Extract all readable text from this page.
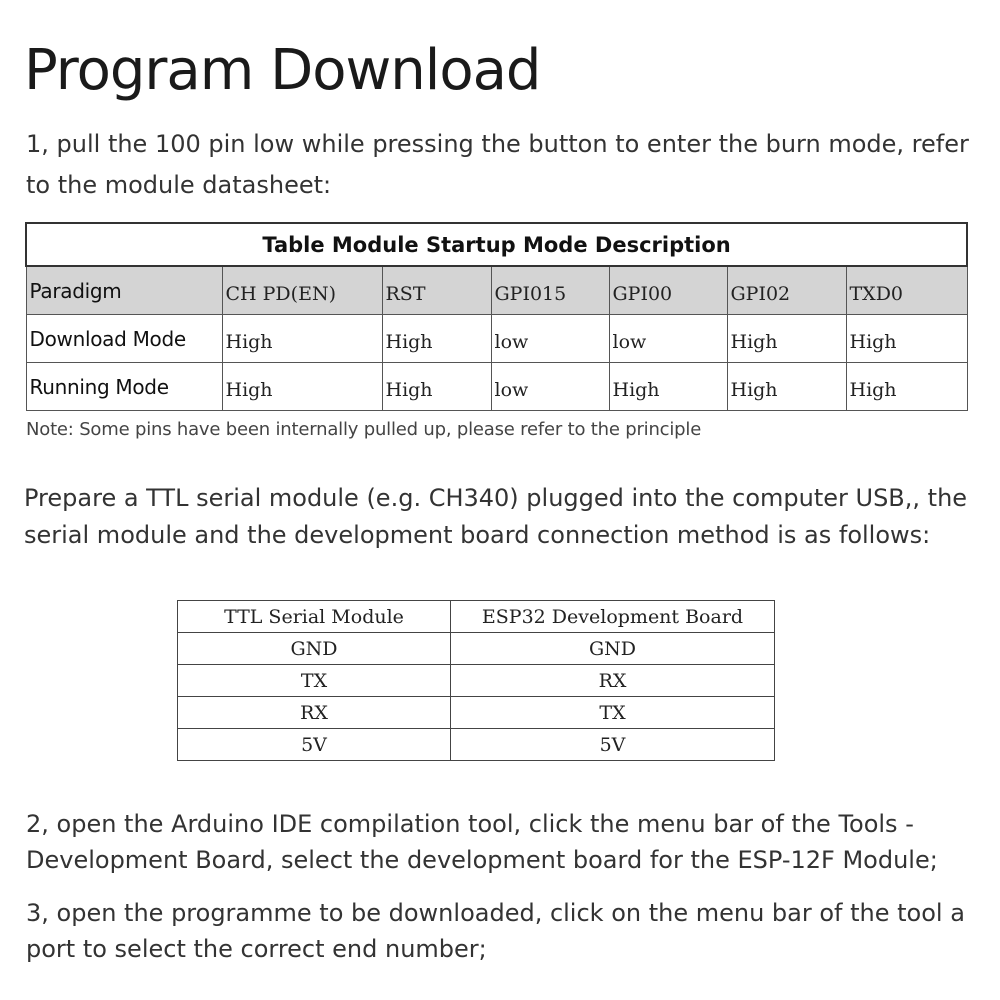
Program Download

1, pull the 100 pin low while pressing the button to enter the burn mode, refer to the module datasheet:

Table Module Startup Mode Description						
Paradigm	CH PD(EN)	RST	GPI015	GPI00	GPI02	TXD0
Download Mode	High	High	low	low	High	High
Running Mode	High	High	low	High	High	High

Note: Some pins have been internally pulled up, please refer to the principle

Prepare a TTL serial module (e.g. CH340) plugged into the computer USB,, the serial module and the development board connection method is as follows:

TTL Serial Module	ESP32 Development Board
GND	GND
TX	RX
RX	TX
5V	5V

2, open the Arduino IDE compilation tool, click the menu bar of the Tools - Development Board, select the development board for the ESP-12F Module;

3, open the programme to be downloaded, click on the menu bar of the tool a port to select the correct end number;
